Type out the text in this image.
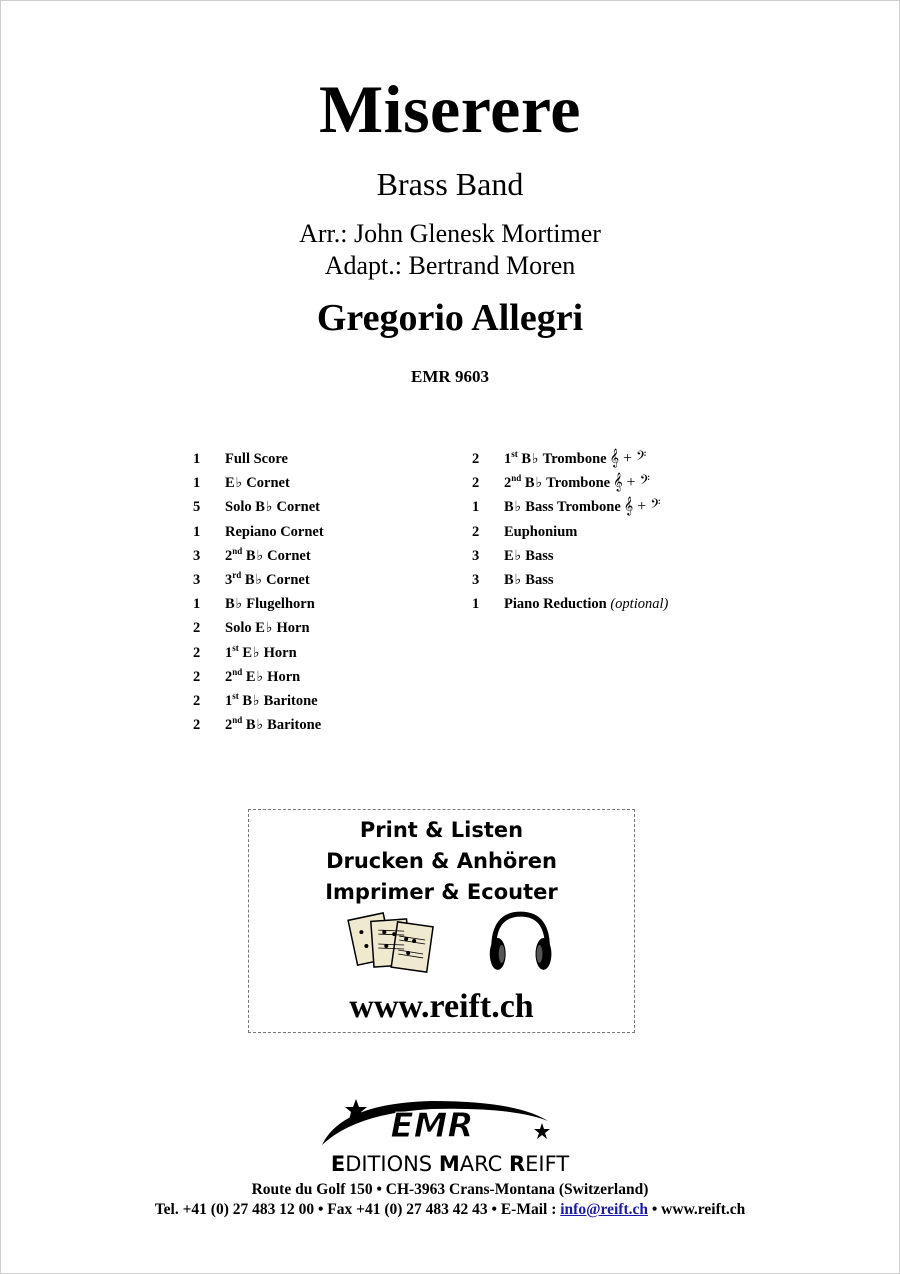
Miserere
Brass Band
Arr.: John Glenesk Mortimer
Adapt.: Bertrand Moren
Gregorio Allegri
EMR 9603
1	Full Score
1	E♭ Cornet
5	Solo B♭ Cornet
1	Repiano Cornet
3	2nd B♭ Cornet
3	3rd B♭ Cornet
1	B♭ Flugelhorn
2	Solo E♭ Horn
2	1st E♭ Horn
2	2nd E♭ Horn
2	1st B♭ Baritone
2	2nd B♭ Baritone
2	1st B♭ Trombone 𝄞 + 𝄢
2	2nd B♭ Trombone 𝄞 + 𝄢
1	B♭ Bass Trombone 𝄞 + 𝄢
2	Euphonium
3	E♭ Bass
3	B♭ Bass
1	Piano Reduction (optional)
Print & Listen
Drucken & Anhören
Imprimer & Ecouter
www.reift.ch
EMR
EDITIONS MARC REIFT
Route du Golf 150 • CH-3963 Crans-Montana (Switzerland)
Tel. +41 (0) 27 483 12 00 • Fax +41 (0) 27 483 42 43 • E-Mail : info@reift.ch • www.reift.ch
